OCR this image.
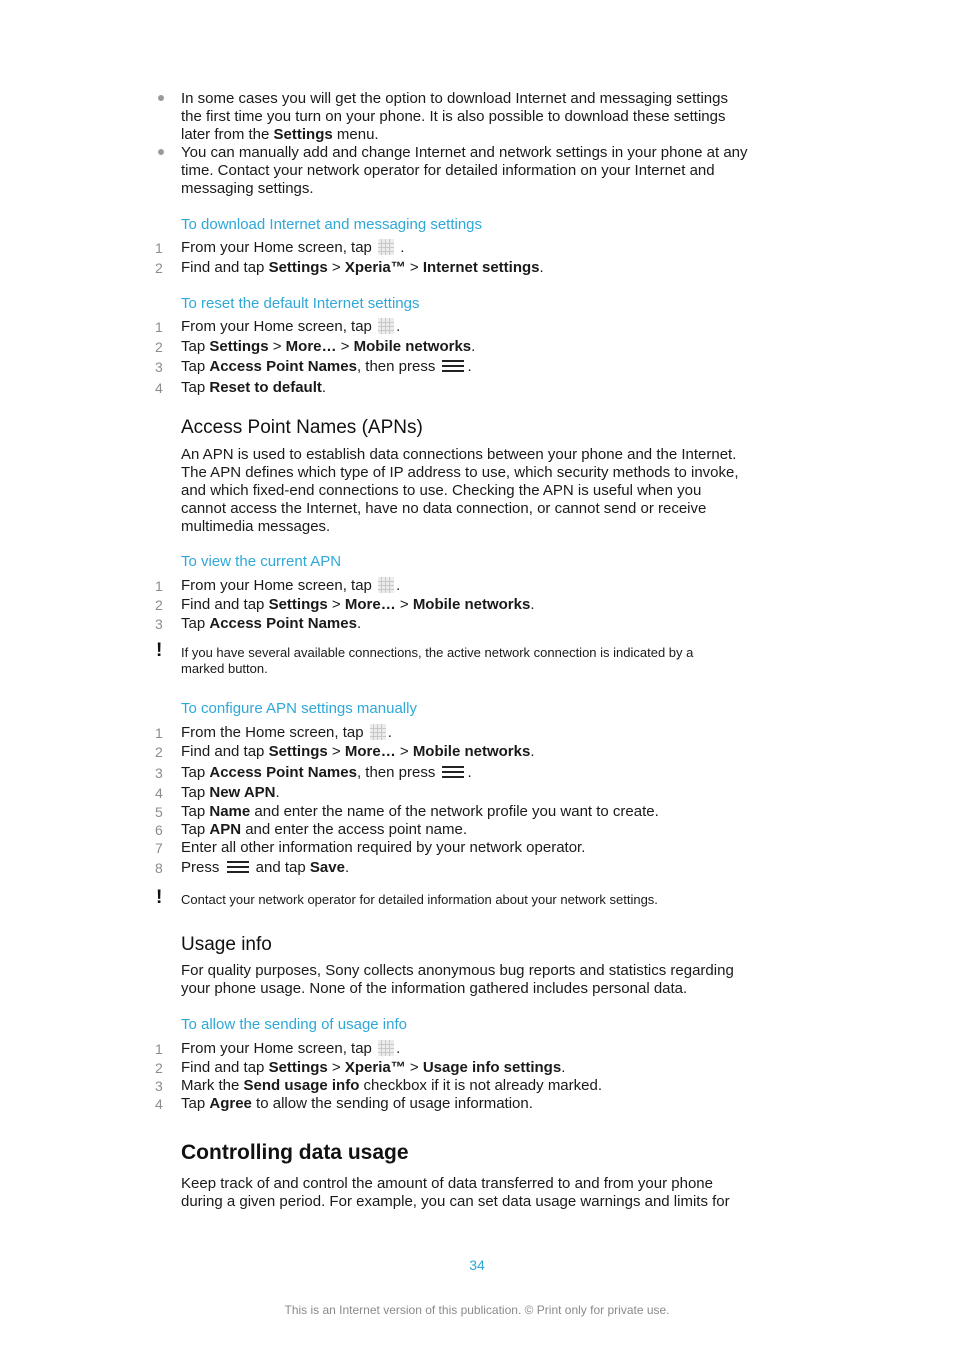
In some cases you will get the option to download Internet and messaging settings
the first time you turn on your phone. It is also possible to download these settings
later from the Settings menu.
You can manually add and change Internet and network settings in your phone at any
time. Contact your network operator for detailed information on your Internet and
messaging settings.
To download Internet and messaging settings
1 From your Home screen, tap  .
2 Find and tap Settings > Xperia™ > Internet settings.
To reset the default Internet settings
1 From your Home screen, tap .
2 Tap Settings > More… > Mobile networks.
3 Tap Access Point Names, then press
.
4 Tap Reset to default.
Access Point Names (APNs)
An APN is used to establish data connections between your phone and the Internet.
The APN defines which type of IP address to use, which security methods to invoke,
and which fixed-end connections to use. Checking the APN is useful when you
cannot access the Internet, have no data connection, or cannot send or receive
multimedia messages.
To view the current APN
1 From your Home screen, tap .
2 Find and tap Settings > More… > Mobile networks.
3 Tap Access Point Names.
! If you have several available connections, the active network connection is indicated by a
marked button.
To configure APN settings manually
1 From the Home screen, tap .
2 Find and tap Settings > More… > Mobile networks.
3 Tap Access Point Names, then press
.
4 Tap New APN.
5 Tap Name and enter the name of the network profile you want to create.
6 Tap APN and enter the access point name.
7 Enter all other information required by your network operator.
8 Press
and tap Save.
! Contact your network operator for detailed information about your network settings.
Usage info
For quality purposes, Sony collects anonymous bug reports and statistics regarding
your phone usage. None of the information gathered includes personal data.
To allow the sending of usage info
1 From your Home screen, tap .
2 Find and tap Settings > Xperia™ > Usage info settings.
3 Mark the Send usage info checkbox if it is not already marked.
4 Tap Agree to allow the sending of usage information.
Controlling data usage
Keep track of and control the amount of data transferred to and from your phone
during a given period. For example, you can set data usage warnings and limits for
34
This is an Internet version of this publication. © Print only for private use.
